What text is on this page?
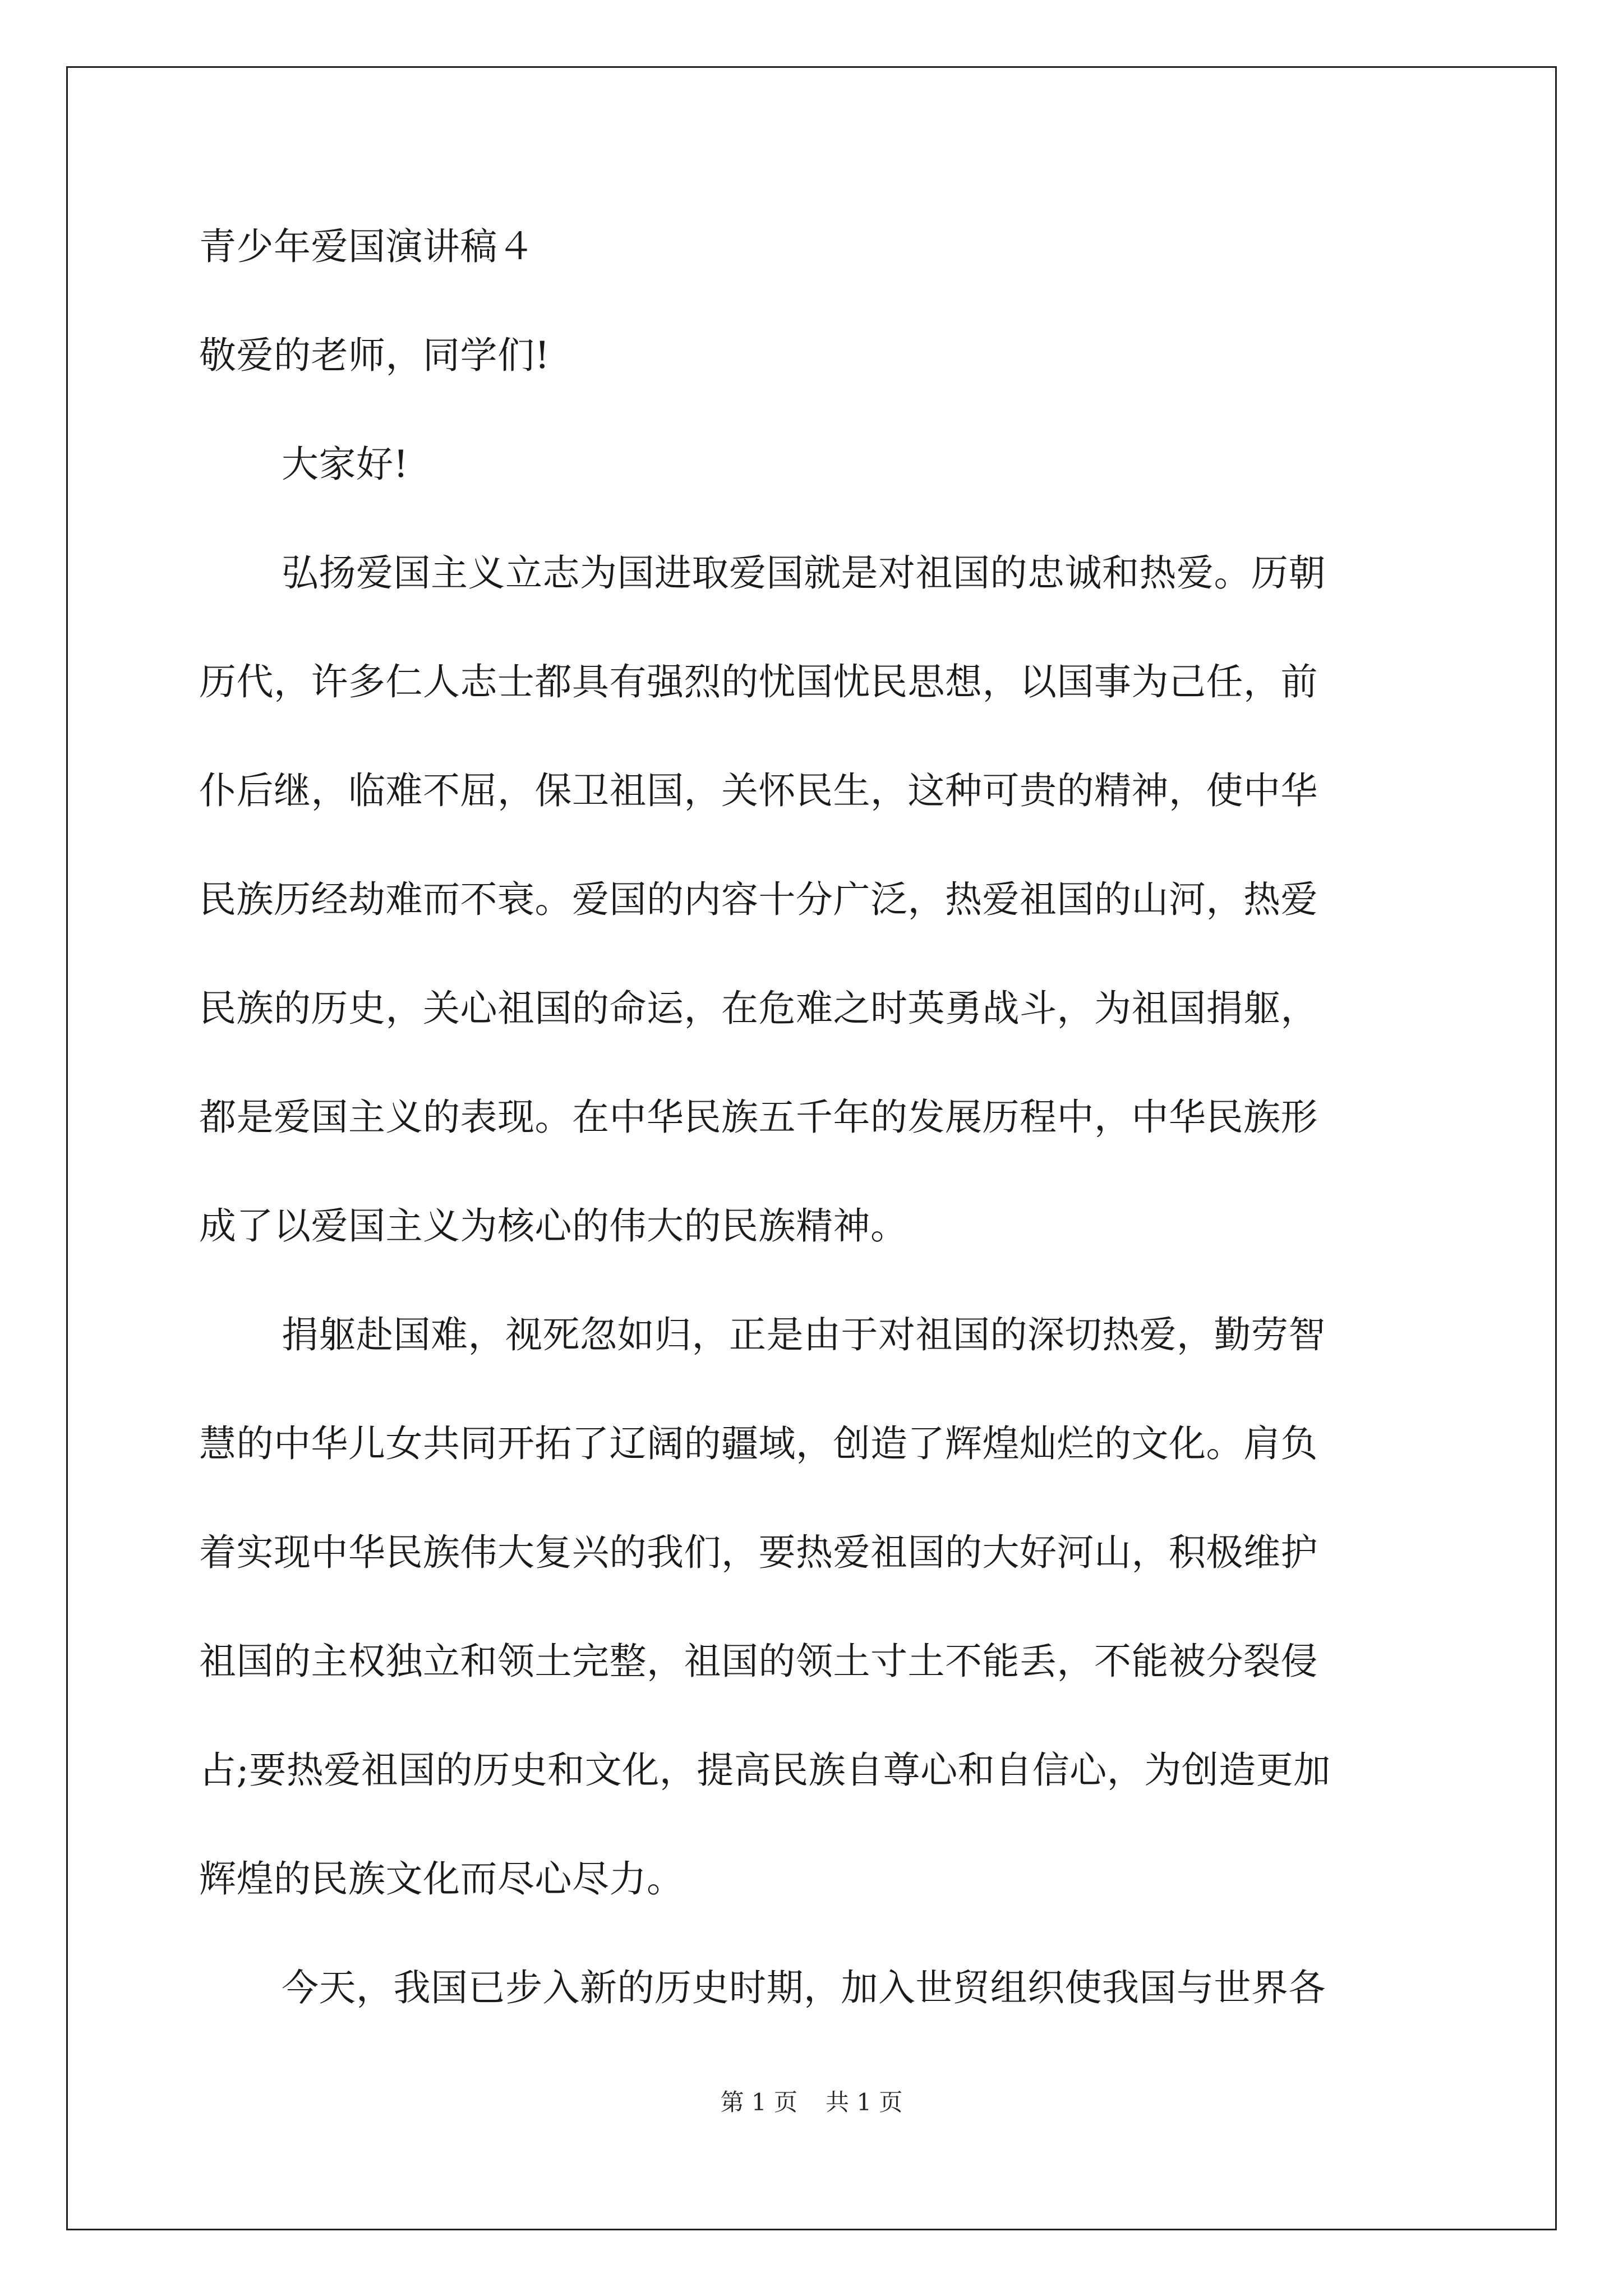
青少年爱国演讲稿４
敬爱的老师，同学们!
大家好!
弘扬爱国主义立志为国进取爱国就是对祖国的忠诚和热爱。历朝
历代，许多仁人志士都具有强烈的忧国忧民思想，以国事为己任，前
仆后继，临难不屈，保卫祖国，关怀民生，这种可贵的精神，使中华
民族历经劫难而不衰。爱国的内容十分广泛，热爱祖国的山河，热爱
民族的历史，关心祖国的命运，在危难之时英勇战斗，为祖国捐躯，
都是爱国主义的表现。在中华民族五千年的发展历程中，中华民族形
成了以爱国主义为核心的伟大的民族精神。
捐躯赴国难，视死忽如归，正是由于对祖国的深切热爱，勤劳智
慧的中华儿女共同开拓了辽阔的疆域，创造了辉煌灿烂的文化。肩负
着实现中华民族伟大复兴的我们，要热爱祖国的大好河山，积极维护
祖国的主权独立和领土完整，祖国的领土寸土不能丢，不能被分裂侵
占;要热爱祖国的历史和文化，提高民族自尊心和自信心，为创造更加
辉煌的民族文化而尽心尽力。
今天，我国已步入新的历史时期，加入世贸组织使我国与世界各
第 1 页 共 1 页
